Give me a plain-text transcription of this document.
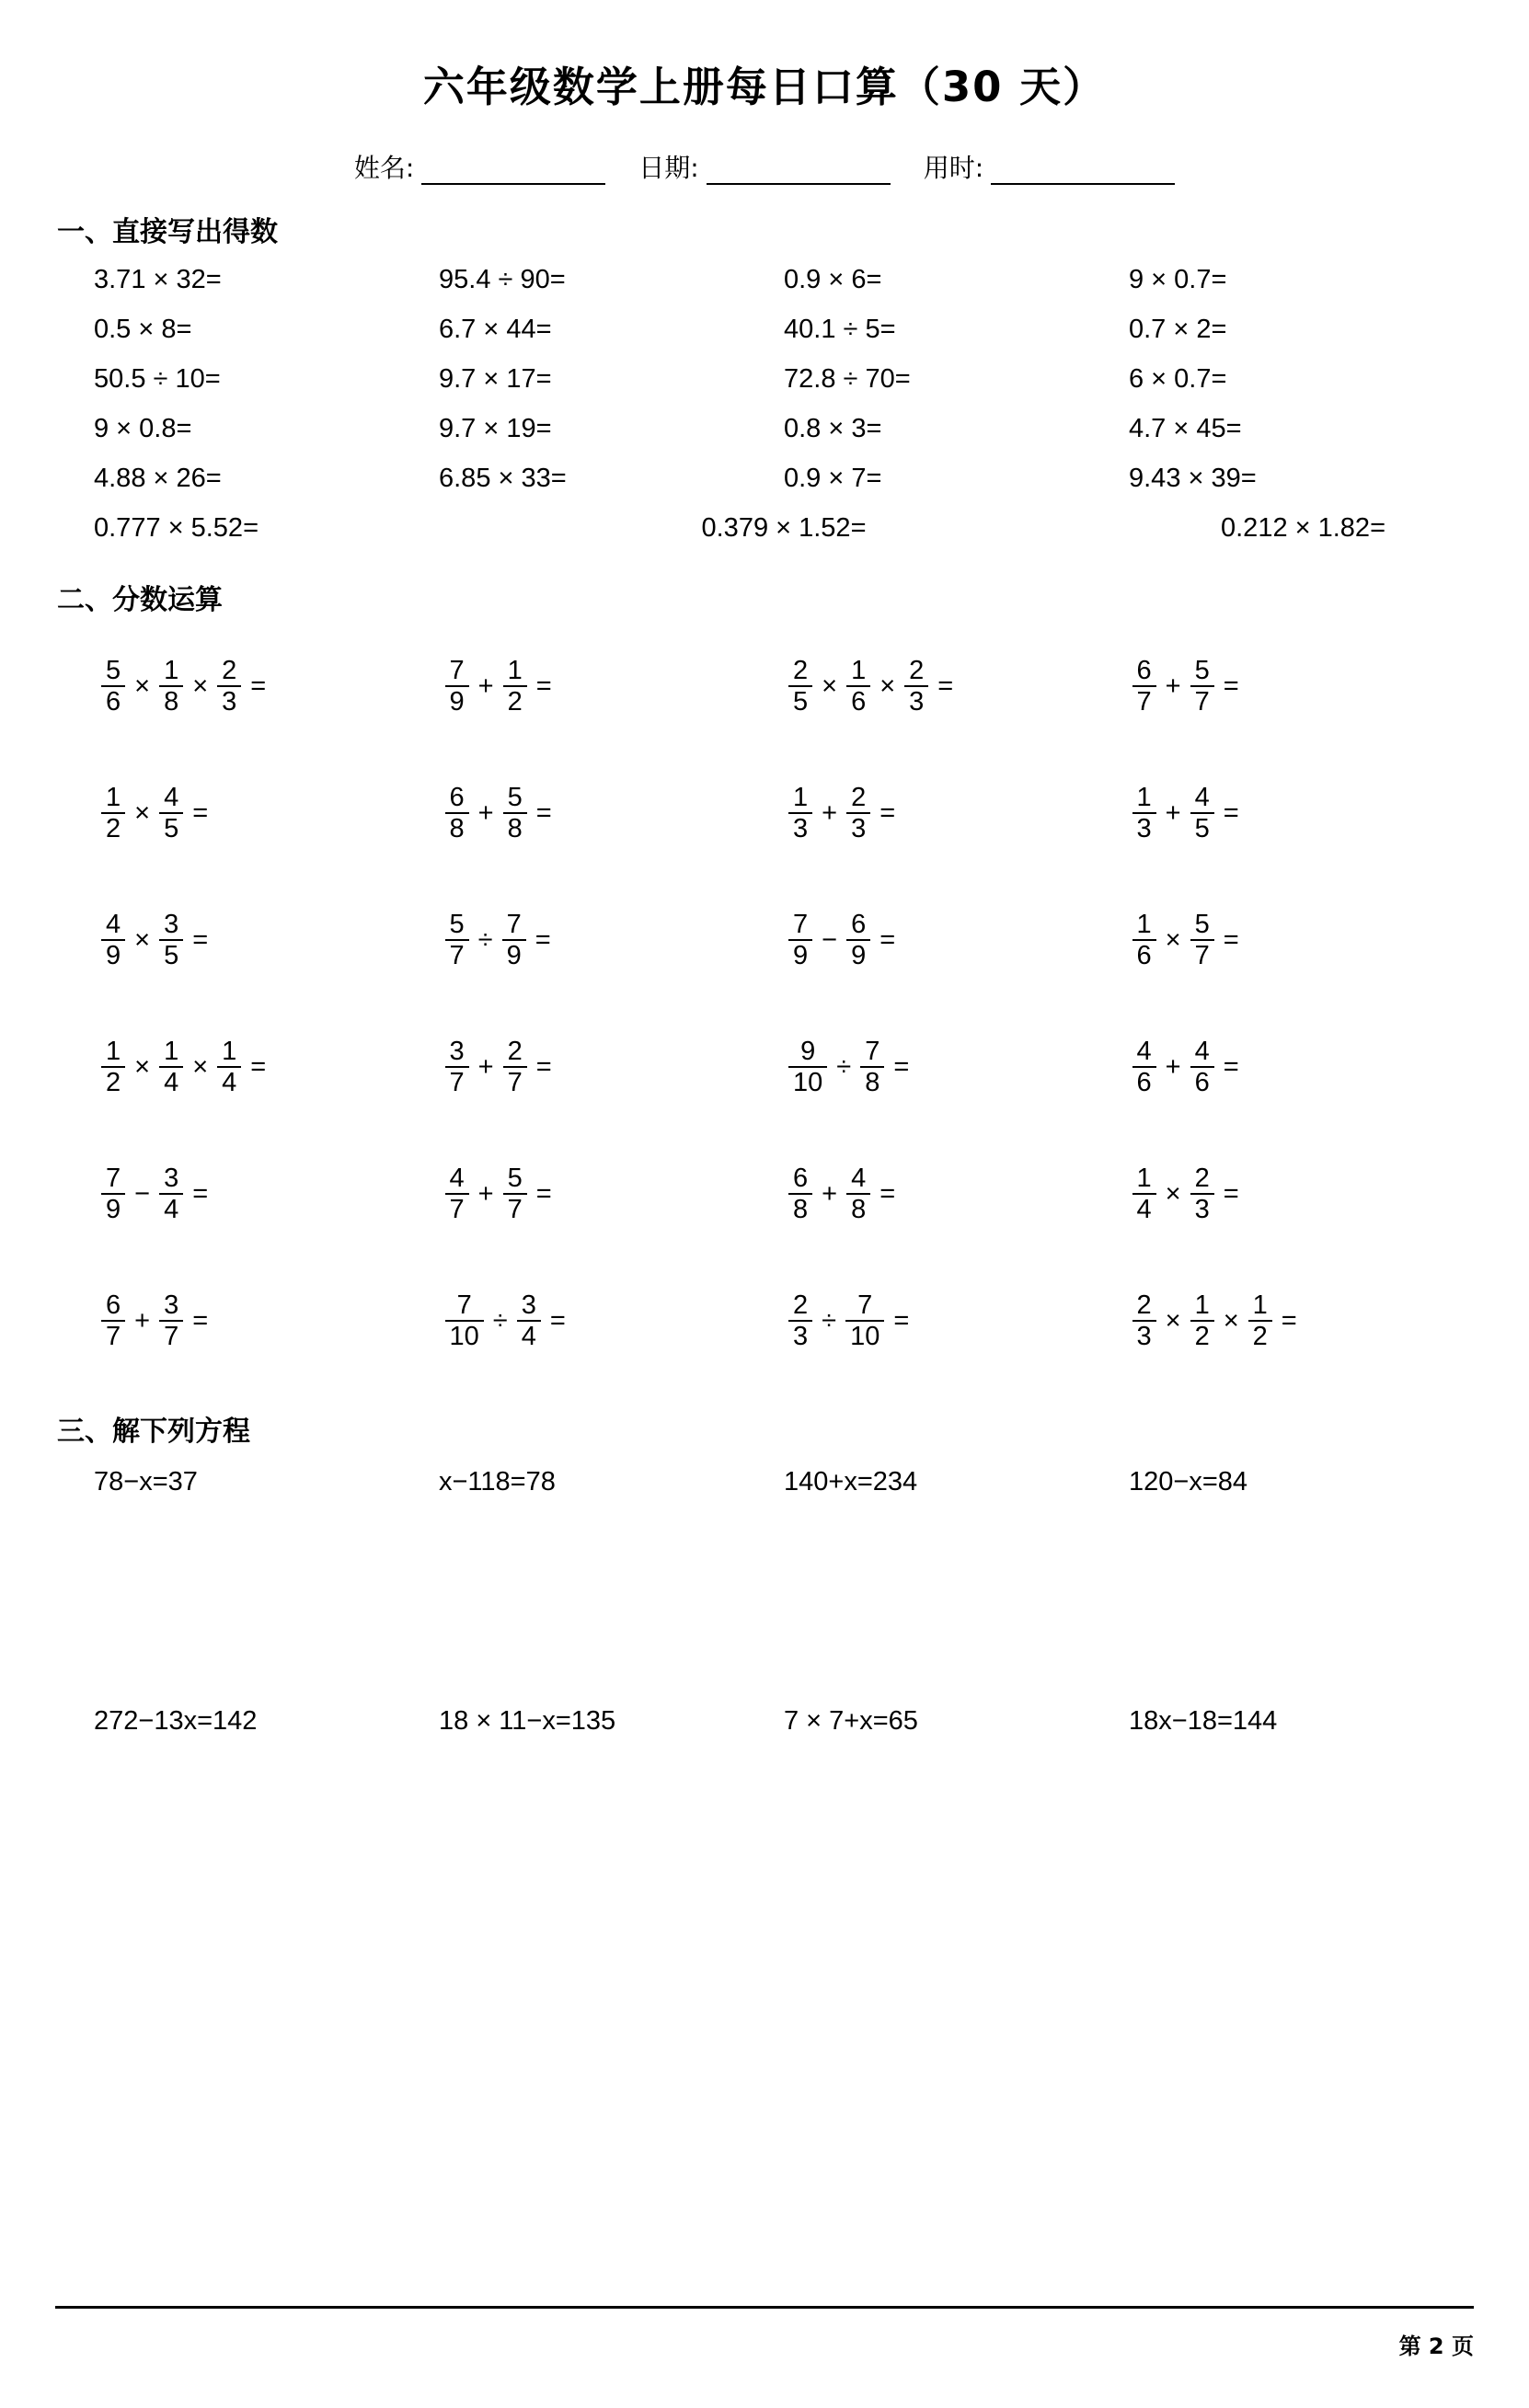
六年级数学上册每日口算（30 天）
姓名:	日期:	用时:
一、直接写出得数
3.71 × 32=	95.4 ÷ 90=	0.9 × 6=	9 × 0.7=
0.5 × 8=	6.7 × 44=	40.1 ÷ 5=	0.7 × 2=
50.5 ÷ 10=	9.7 × 17=	72.8 ÷ 70=	6 × 0.7=
9 × 0.8=	9.7 × 19=	0.8 × 3=	4.7 × 45=
4.88 × 26=	6.85 × 33=	0.9 × 7=	9.43 × 39=
0.777 × 5.52=	0.379 × 1.52=	0.212 × 1.82=
二、分数运算
$\frac{5}{6} \times \frac{1}{8} \times \frac{2}{3}$ =	$\frac{7}{9} + \frac{1}{2}$ =	$\frac{2}{5} \times \frac{1}{6} \times \frac{2}{3}$ =	$\frac{6}{7} + \frac{5}{7}$ =
$\frac{1}{2} \times \frac{4}{5}$ =	$\frac{6}{8} + \frac{5}{8}$ =	$\frac{1}{3} + \frac{2}{3}$ =	$\frac{1}{3} + \frac{4}{5}$ =
$\frac{4}{9} \times \frac{3}{5}$ =	$\frac{5}{7} \div \frac{7}{9}$ =	$\frac{7}{9} - \frac{6}{9}$ =	$\frac{1}{6} \times \frac{5}{7}$ =
$\frac{1}{2} \times \frac{1}{4} \times \frac{1}{4}$ =	$\frac{3}{7} + \frac{2}{7}$ =	$\frac{9}{10} \div \frac{7}{8}$ =	$\frac{4}{6} + \frac{4}{6}$ =
$\frac{7}{9} - \frac{3}{4}$ =	$\frac{4}{7} + \frac{5}{7}$ =	$\frac{6}{8} + \frac{4}{8}$ =	$\frac{1}{4} \times \frac{2}{3}$ =
$\frac{6}{7} + \frac{3}{7}$ =	$\frac{7}{10} \div \frac{3}{4}$ =	$\frac{2}{3} \div \frac{7}{10}$ =	$\frac{2}{3} \times \frac{1}{2} \times \frac{1}{2}$ =
三、解下列方程
78−x=37	x−118=78	140+x=234	120−x=84
272−13x=142	18 × 11−x=135	7 × 7+x=65	18x−18=144
第 2 页
